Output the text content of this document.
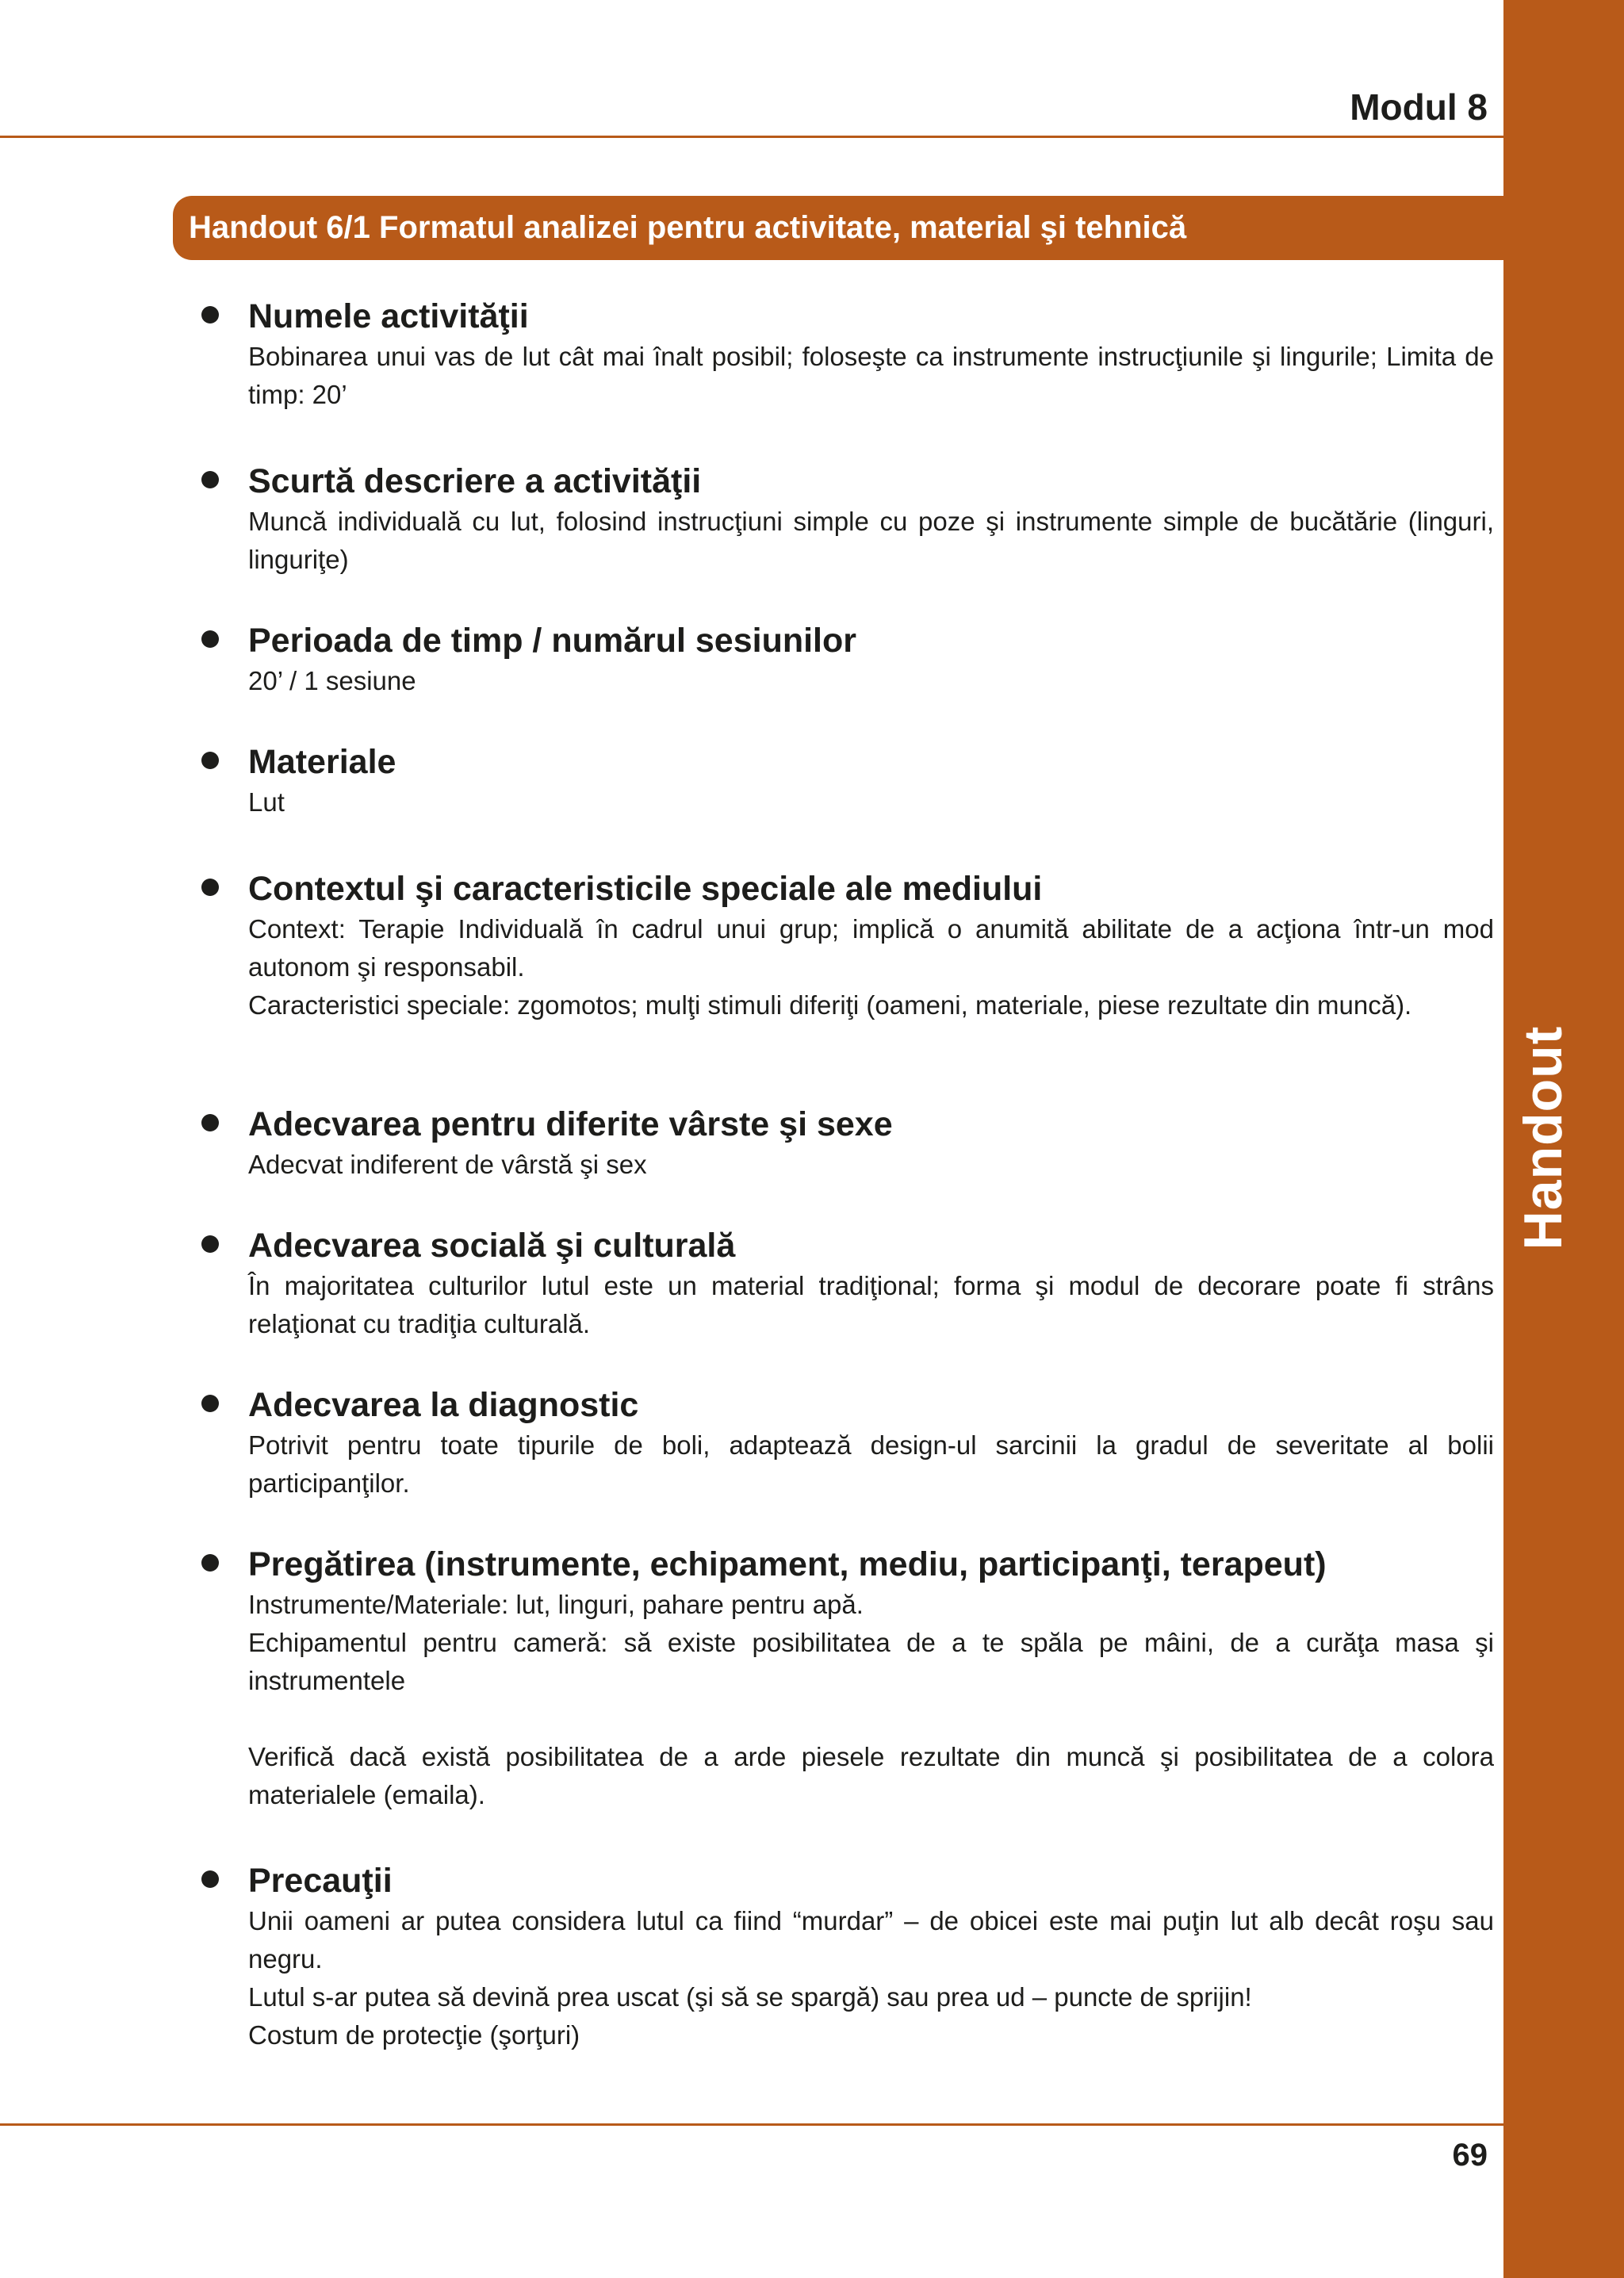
Handout
Modul 8
Handout 6/1 Formatul analizei pentru activitate, material şi tehnică
Numele activităţii

Bobinarea unui vas de lut cât mai înalt posibil; foloseşte ca instrumente instrucţiunile şi lingurile; Limita de timp: 20’

Scurtă descriere a activităţii

Muncă individuală cu lut, folosind instrucţiuni simple cu poze şi instrumente simple de bucătărie (linguri, linguriţe)

Perioada de timp / numărul sesiunilor

20’ / 1 sesiune

Materiale

Lut

Contextul şi caracteristicile speciale ale mediului

Context: Terapie Individuală în cadrul unui grup; implică o anumită abilitate de a acţiona într-un mod autonom şi responsabil.

Caracteristici speciale: zgomotos; mulţi stimuli diferiţi (oameni, materiale, piese rezultate din muncă).

Adecvarea pentru diferite vârste şi sexe

Adecvat indiferent de vârstă şi sex

Adecvarea socială şi culturală

În majoritatea culturilor lutul este un material tradiţional; forma şi modul de decorare poate fi strâns relaţionat cu tradiţia culturală.

Adecvarea la diagnostic

Potrivit pentru toate tipurile de boli, adaptează design-ul sarcinii la gradul de severitate al bolii participanţilor.

Pregătirea (instrumente, echipament, mediu, participanţi, terapeut)

Instrumente/Materiale: lut, linguri, pahare pentru apă.

Echipamentul pentru cameră: să existe posibilitatea de a te spăla pe mâini, de a curăţa masa şi instrumentele

Verifică dacă există posibilitatea de a arde piesele rezultate din muncă şi posibilitatea de a colora materialele (emaila).

Precauţii

Unii oameni ar putea considera lutul ca fiind “murdar” – de obicei este mai puţin lut alb decât roşu sau negru.

Lutul s-ar putea să devină prea uscat (şi să se spargă) sau prea ud – puncte de sprijin!

Costum de protecţie (şorţuri)

69
